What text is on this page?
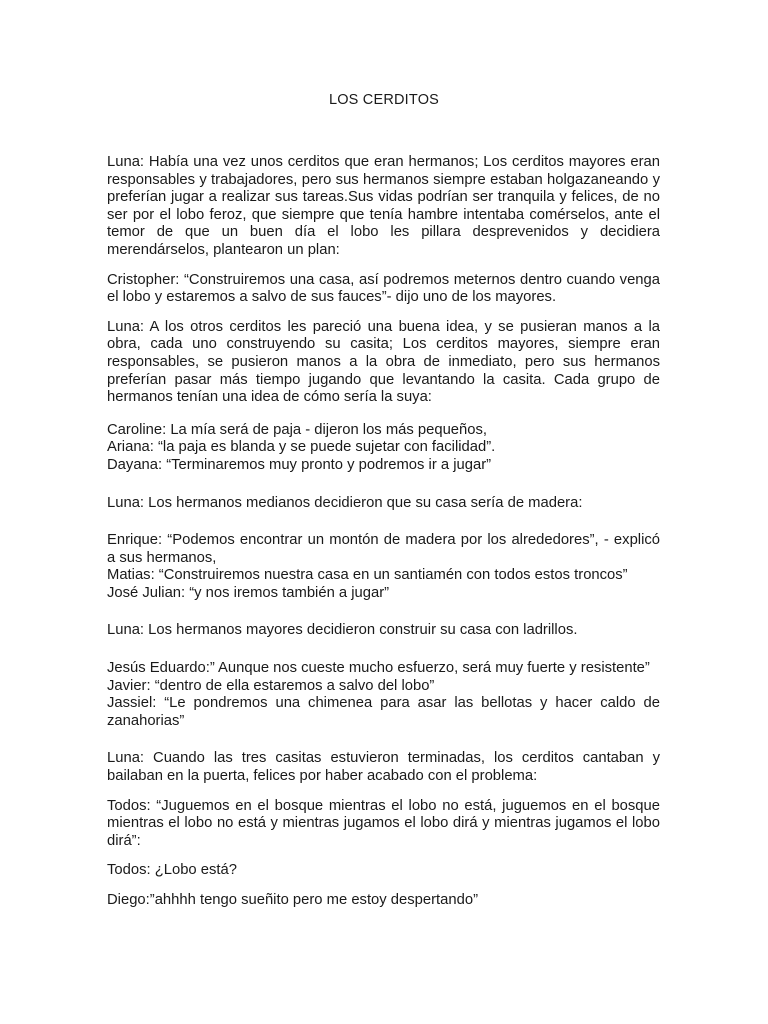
LOS CERDITOS

Luna: Había una vez unos cerditos que eran hermanos; Los cerditos mayores eran responsables y trabajadores, pero sus hermanos siempre estaban holgazaneando y preferían jugar a realizar sus tareas.Sus vidas podrían ser tranquila y felices, de no ser por el lobo feroz, que siempre que tenía hambre intentaba comérselos, ante el temor de que un buen día el lobo les pillara desprevenidos y decidiera merendárselos, plantearon un plan:

Cristopher: “Construiremos una casa, así podremos meternos dentro cuando venga el lobo y estaremos a salvo de sus fauces”- dijo uno de los mayores.

Luna: A los otros cerditos les pareció una buena idea, y se pusieran manos a la obra, cada uno construyendo su casita; Los cerditos mayores, siempre eran responsables, se pusieron manos a la obra de inmediato, pero sus hermanos preferían pasar más tiempo jugando que levantando la casita. Cada grupo de hermanos tenían una idea de cómo sería la suya:

Caroline: La mía será de paja - dijeron los más pequeños,
Ariana: “la paja es blanda y se puede sujetar con facilidad”.
Dayana: “Terminaremos muy pronto y podremos ir a jugar”

Luna: Los hermanos medianos decidieron que su casa sería de madera:

Enrique: “Podemos encontrar un montón de madera por los alrededores”, - explicó a sus hermanos,
Matias: “Construiremos nuestra casa en un santiamén con todos estos troncos”
José Julian: “y nos iremos también a jugar”

Luna: Los hermanos mayores decidieron construir su casa con ladrillos.

Jesús Eduardo:” Aunque nos cueste mucho esfuerzo, será muy fuerte y resistente”
Javier: “dentro de ella estaremos a salvo del lobo”
Jassiel: “Le pondremos una chimenea para asar las bellotas y hacer caldo de zanahorias”

Luna: Cuando las tres casitas estuvieron terminadas, los cerditos cantaban y bailaban en la puerta, felices por haber acabado con el problema:

Todos: “Juguemos en el bosque mientras el lobo no está, juguemos en el bosque mientras el lobo no está y mientras jugamos el lobo dirá y mientras jugamos el lobo dirá”:

Todos: ¿Lobo está?

Diego:”ahhhh tengo sueñito pero me estoy despertando”
